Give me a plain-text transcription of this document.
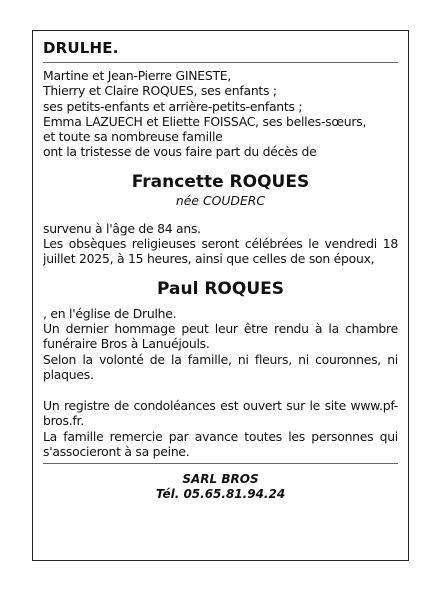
DRULHE.
Martine et Jean-Pierre GINESTE,
Thierry et Claire ROQUES, ses enfants ;
ses petits-enfants et arrière-petits-enfants ;
Emma LAZUECH et Eliette FOISSAC, ses belles-sœurs,
et toute sa nombreuse famille
ont la tristesse de vous faire part du décès de
Francette ROQUES
née COUDERC
survenu à l'âge de 84 ans.
Les obsèques religieuses seront célébrées le vendredi 18 juillet 2025, à 15 heures, ainsi que celles de son époux,
Paul ROQUES
, en l'église de Drulhe.
Un dernier hommage peut leur être rendu à la chambre funéraire Bros à Lanuéjouls.
Selon la volonté de la famille, ni fleurs, ni couronnes, ni plaques.
Un registre de condoléances est ouvert sur le site www.pf-bros.fr.
La famille remercie par avance toutes les personnes qui s'associeront à sa peine.
SARL BROS
Tél. 05.65.81.94.24
